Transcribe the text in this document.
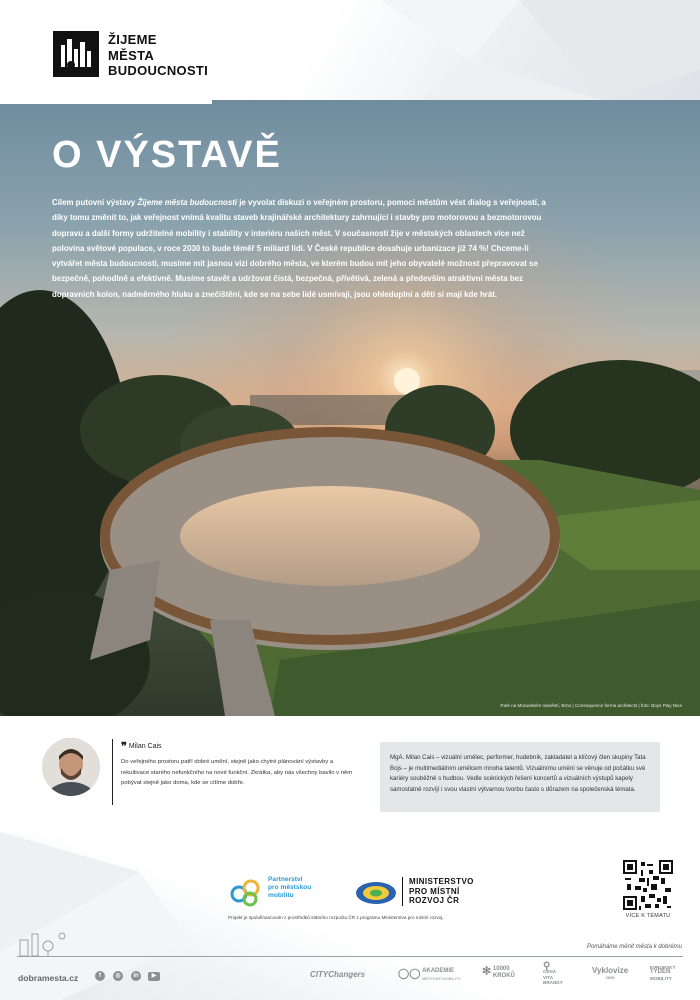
ŽIJEME
MĚSTA
BUDOUCNOSTI
O VÝSTAVĚ
Cílem putovní výstavy Žijeme města budoucnosti je vyvolat diskuzi o veřejném prostoru, pomoci městům vést dialog s veřejností, a díky tomu změnit to, jak veřejnost vnímá kvalitu staveb krajinářské architektury zahrnující i stavby pro motorovou a bezmotorovou dopravu a další formy udržitelné mobility i stability v interiéru našich měst. V současnosti žije v městských oblastech více než polovina světové populace, v roce 2030 to bude téměř 5 miliard lidí. V České republice dosahuje urbanizace již 74 %! Chceme-li vytvářet města budoucnosti, musíme mít jasnou vizi dobrého města, ve kterém budou mít jeho obyvatelé možnost přepravovat se bezpečně, pohodlně a efektivně. Musíme stavět a udržovat čistá, bezpečná, přívětivá, zelená a především atraktivní města bez dopravních kolon, nadměrného hluku a znečištění, kde se na sebe lidé usmívají, jsou ohleduplní a děti si mají kde hrát.
Park na Moravském náměstí, Brno | Consequence forma architects | foto: Boys Play Nice
❞ Milan Cais
Do veřejného prostoru patří dobré umění, stejně jako chytré plánování výstavby a rekultivace starého nefunkčního na nové funkční. Zkrátka, aby nás všechny bavilo v něm pobývat stejně jako doma, kde se cítíme dobře.
MgA. Milan Cais – vizuální umělec, performer, hudebník, zakladatel a klíčový člen skupiny Tata Bojs – je multimediálním umělcem mnoha talentů. Vizuálnímu umění se věnuje od počátku své kariéry souběžně s hudbou. Vedle scénických řešení koncertů a vizuálních výstupů kapely samostatně rozvíjí i svou vlastní výtvarnou tvorbu často s důrazem na společenská témata.
Partnerství
pro městskou
mobilitu
MINISTERSTVO
PRO MÍSTNÍ
ROZVOJ ČR
Projekt je spolufinancován z prostředků státního rozpočtu ČR z programu Ministerstva pro místní rozvoj.	VÍCE K TÉMATU
Pomáháme měnit města k dobrému
dobramesta.cz	f	◎	in	▶	CITYChangers	◯◯ AKADEMIE
MĚSTSKÉ MOBILITY
✻ 10000
KROKŮ
⚲
CENA
VITA
BRANDY
Vyklovize
2020
EVROPSKÝ
TÝDEN
MOBILITY
